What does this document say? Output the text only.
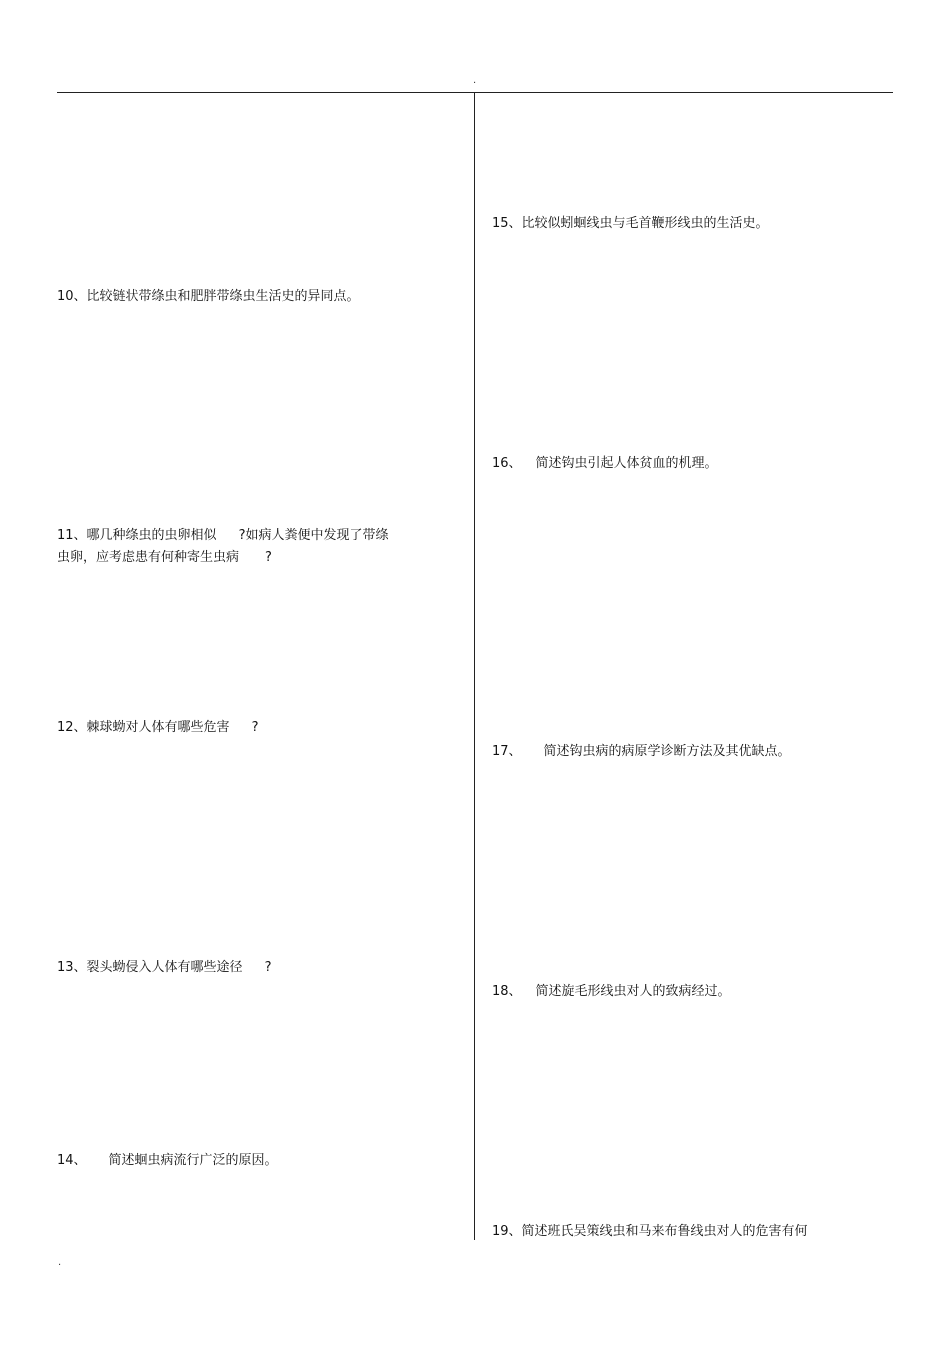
.
10、比较链状带绦虫和肥胖带绦虫生活史的异同点。
11、哪几种绦虫的虫卵相似 ?如病人粪便中发现了带绦
虫卵，应考虑患有何种寄生虫病 ?
12、棘球蚴对人体有哪些危害 ?
13、裂头蚴侵入人体有哪些途径 ?
14、 简述蛔虫病流行广泛的原因。
15、比较似蚓蛔线虫与毛首鞭形线虫的生活史。
16、 简述钩虫引起人体贫血的机理。
17、 简述钩虫病的病原学诊断方法及其优缺点。
18、 简述旋毛形线虫对人的致病经过。
19、简述班氏吴策线虫和马来布鲁线虫对人的危害有何
.
